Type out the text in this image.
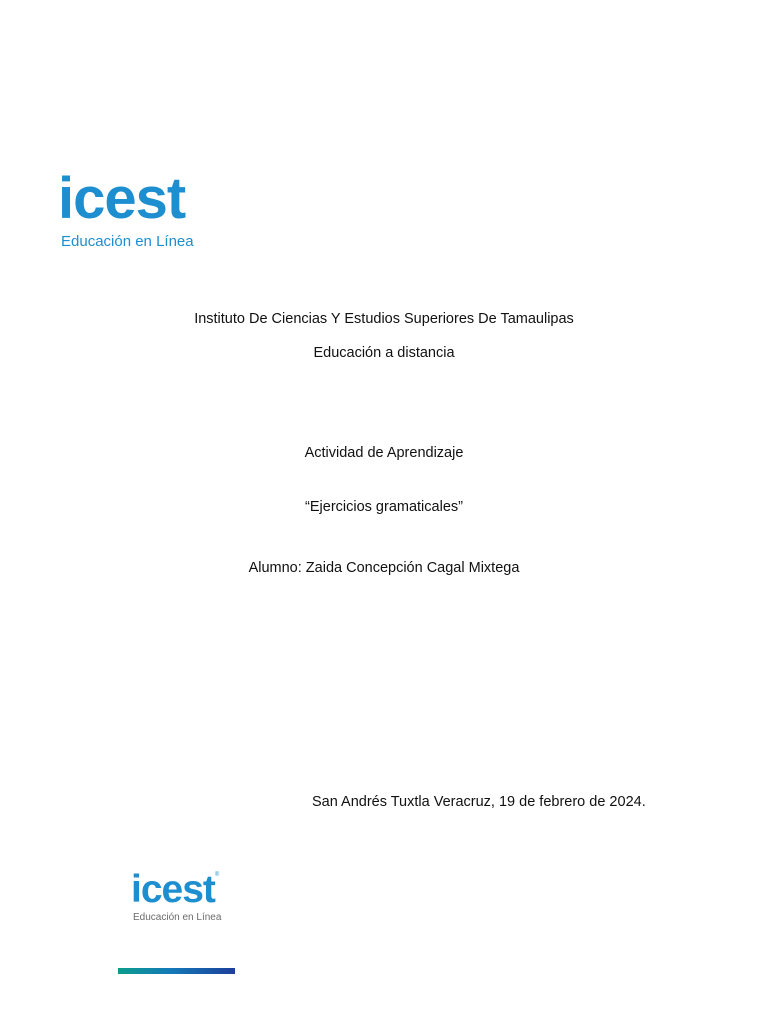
icest
Educación en Línea

Instituto De Ciencias Y Estudios Superiores De Tamaulipas

Educación a distancia

Actividad de Aprendizaje

“Ejercicios gramaticales”

Alumno: Zaida Concepción Cagal Mixtega

San Andrés Tuxtla Veracruz, 19 de febrero de 2024.

icest®
Educación en Línea
